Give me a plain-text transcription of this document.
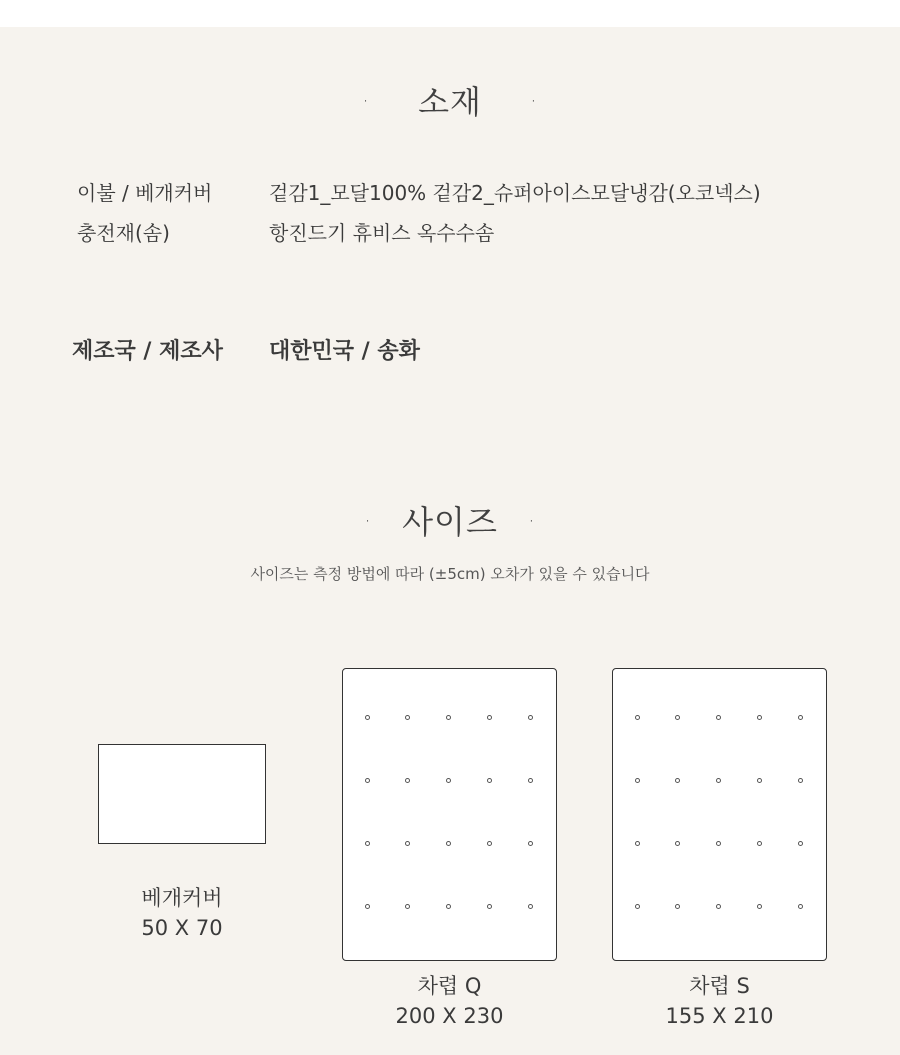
· 소재 ·
이불 / 베개커버	겉감1_모달100% 겉감2_슈퍼아이스모달냉감(오코넥스)
충전재(솜)	항진드기 휴비스 옥수수솜
제조국 / 제조사 대한민국 / 송화
· 사이즈 ·
사이즈는 측정 방법에 따라 (±5cm) 오차가 있을 수 있습니다
베개커버
50 X 70
차렵 Q
200 X 230
차렵 S
155 X 210
